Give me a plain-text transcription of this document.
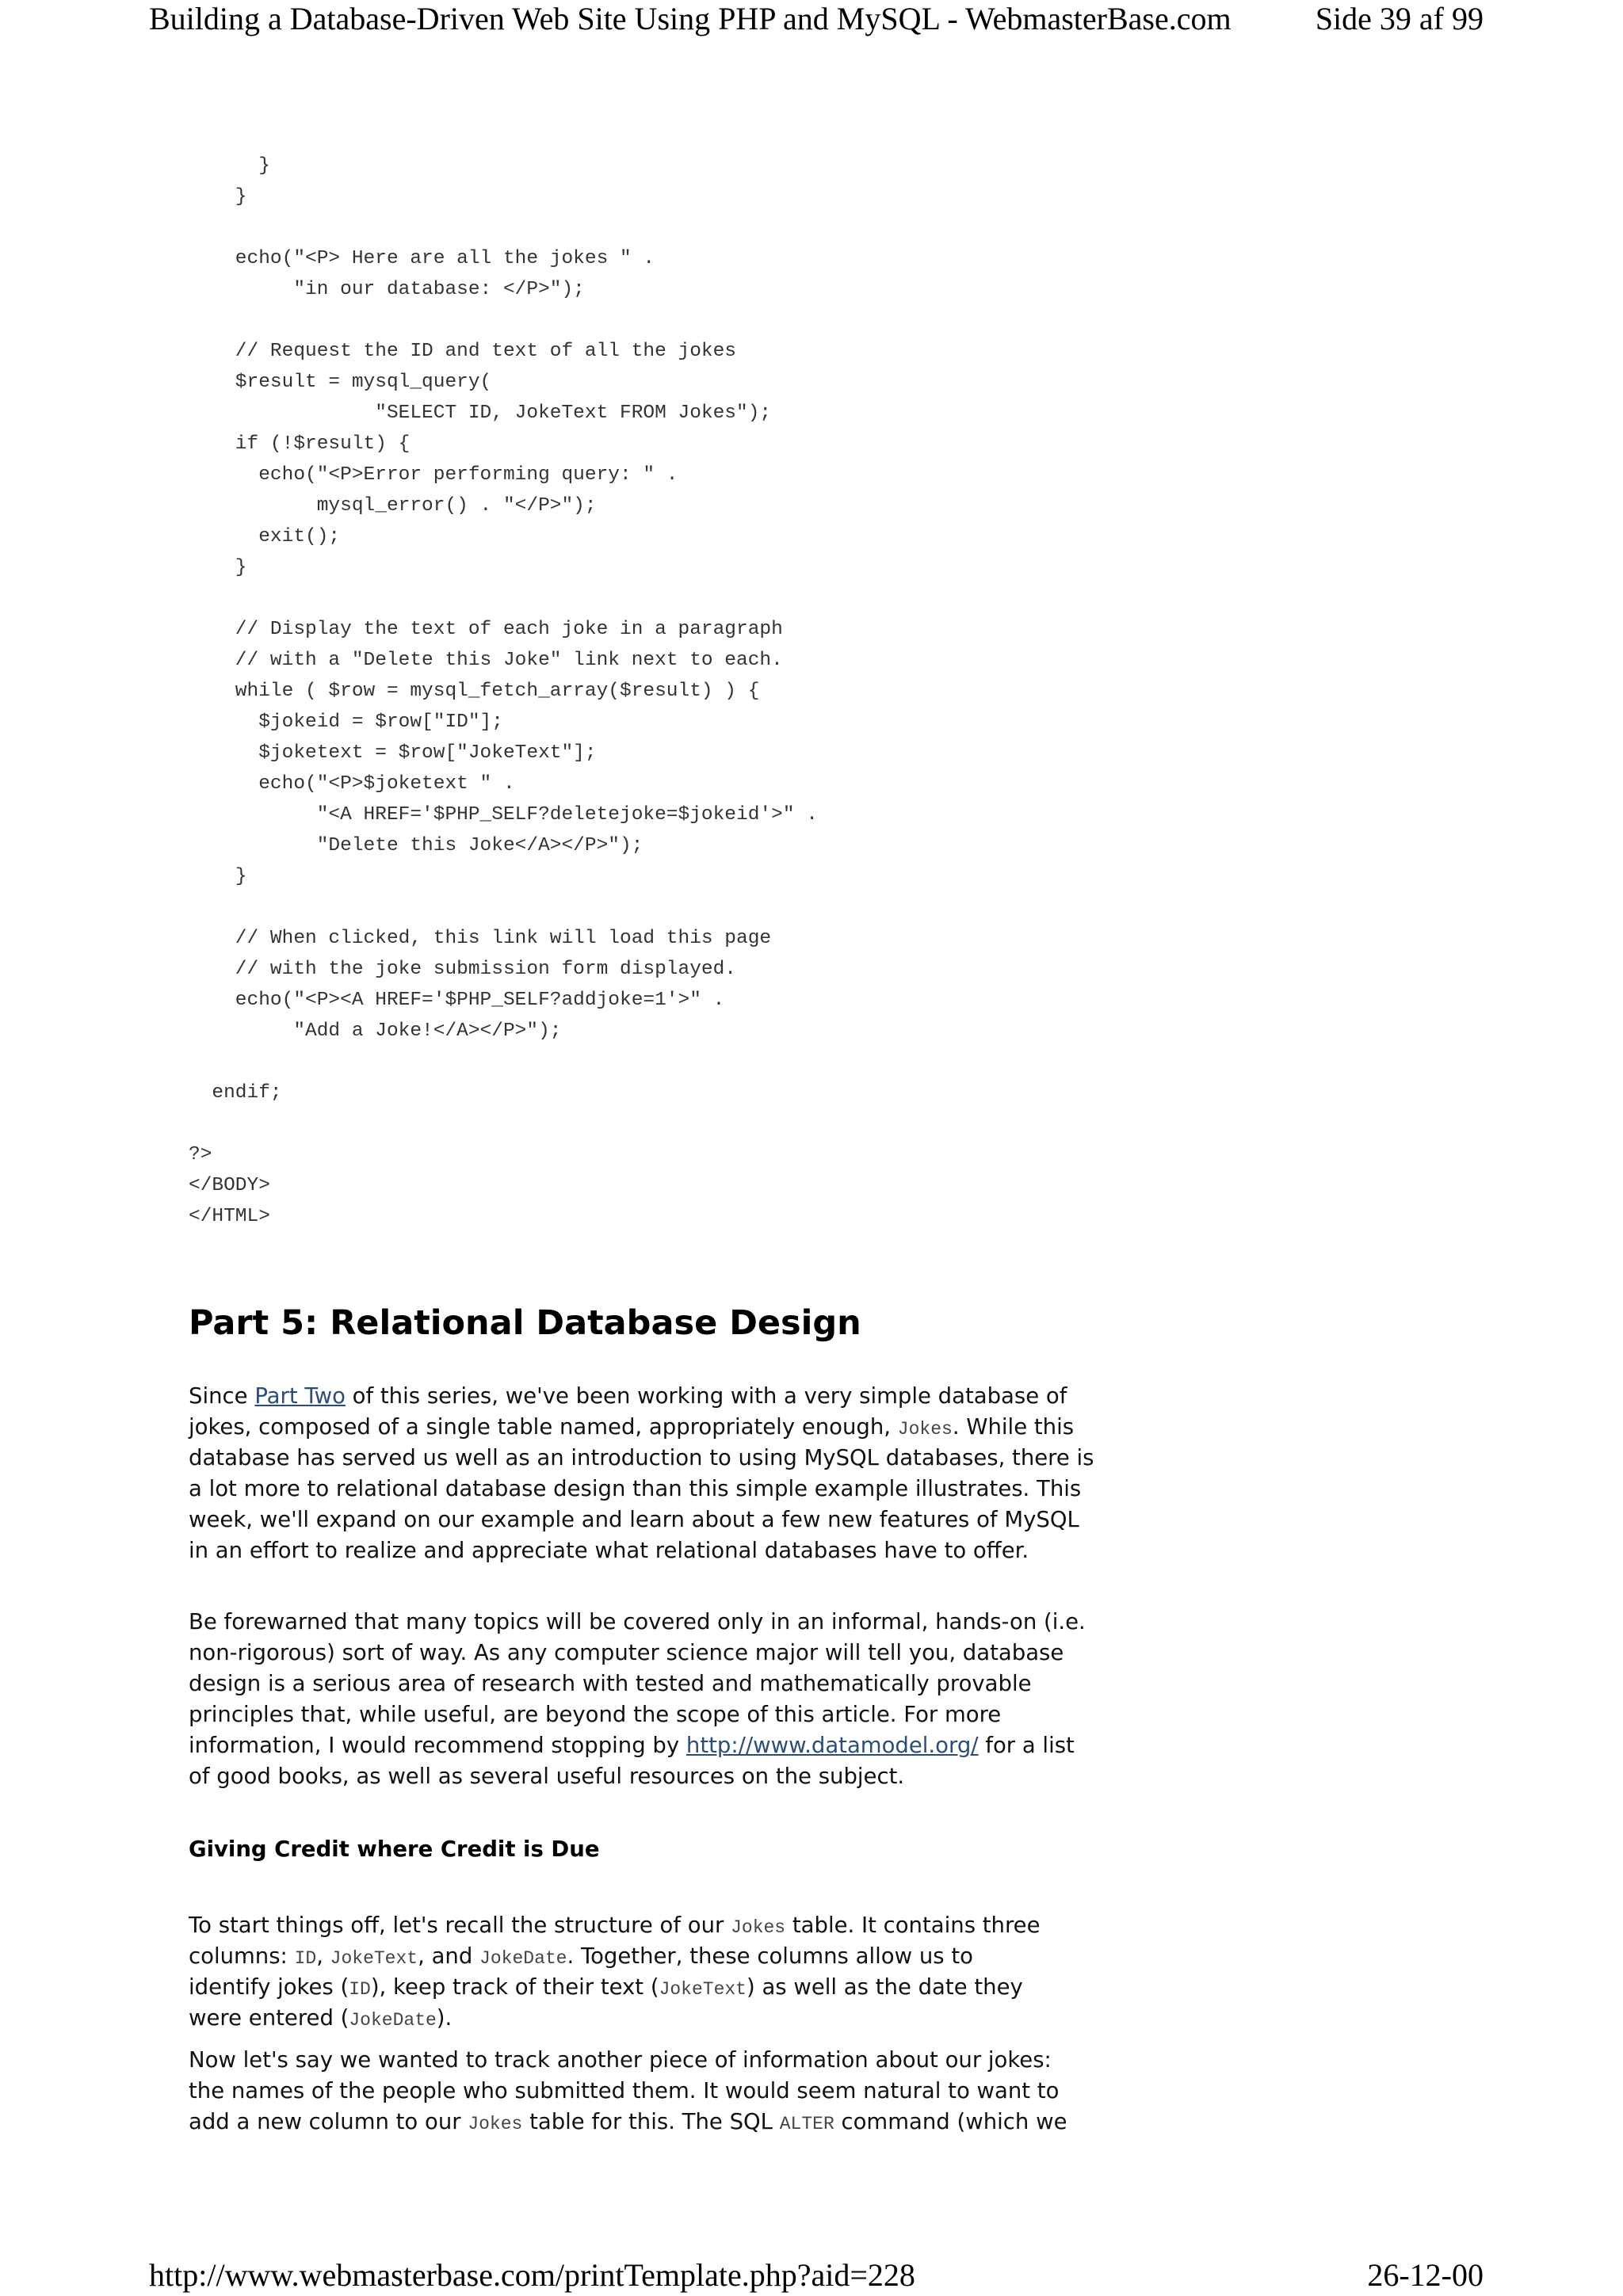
Building a Database-Driven Web Site Using PHP and MySQL - WebmasterBase.com	Side 39 af 99
}
}
echo("<P> Here are all the jokes " .
"in our database: </P>");
// Request the ID and text of all the jokes
$result = mysql_query(
"SELECT ID, JokeText FROM Jokes");
if (!$result) {
echo("<P>Error performing query: " .
mysql_error() . "</P>");
exit();
}
// Display the text of each joke in a paragraph
// with a "Delete this Joke" link next to each.
while ( $row = mysql_fetch_array($result) ) {
$jokeid = $row["ID"];
$joketext = $row["JokeText"];
echo("<P>$joketext " .
"<A HREF='$PHP_SELF?deletejoke=$jokeid'>" .
"Delete this Joke</A></P>");
}
// When clicked, this link will load this page
// with the joke submission form displayed.
echo("<P><A HREF='$PHP_SELF?addjoke=1'>" .
"Add a Joke!</A></P>");
endif;
?>
</BODY>
</HTML>
Part 5: Relational Database Design
Since Part Two of this series, we've been working with a very simple database of
jokes, composed of a single table named, appropriately enough, Jokes. While this
database has served us well as an introduction to using MySQL databases, there is
a lot more to relational database design than this simple example illustrates. This
week, we'll expand on our example and learn about a few new features of MySQL
in an effort to realize and appreciate what relational databases have to offer.
Be forewarned that many topics will be covered only in an informal, hands-on (i.e.
non-rigorous) sort of way. As any computer science major will tell you, database
design is a serious area of research with tested and mathematically provable
principles that, while useful, are beyond the scope of this article. For more
information, I would recommend stopping by http://www.datamodel.org/ for a list
of good books, as well as several useful resources on the subject.
Giving Credit where Credit is Due
To start things off, let's recall the structure of our Jokes table. It contains three
columns: ID, JokeText, and JokeDate. Together, these columns allow us to
identify jokes (ID), keep track of their text (JokeText) as well as the date they
were entered (JokeDate).
Now let's say we wanted to track another piece of information about our jokes:
the names of the people who submitted them. It would seem natural to want to
add a new column to our Jokes table for this. The SQL ALTER command (which we
http://www.webmasterbase.com/printTemplate.php?aid=228	26-12-00
